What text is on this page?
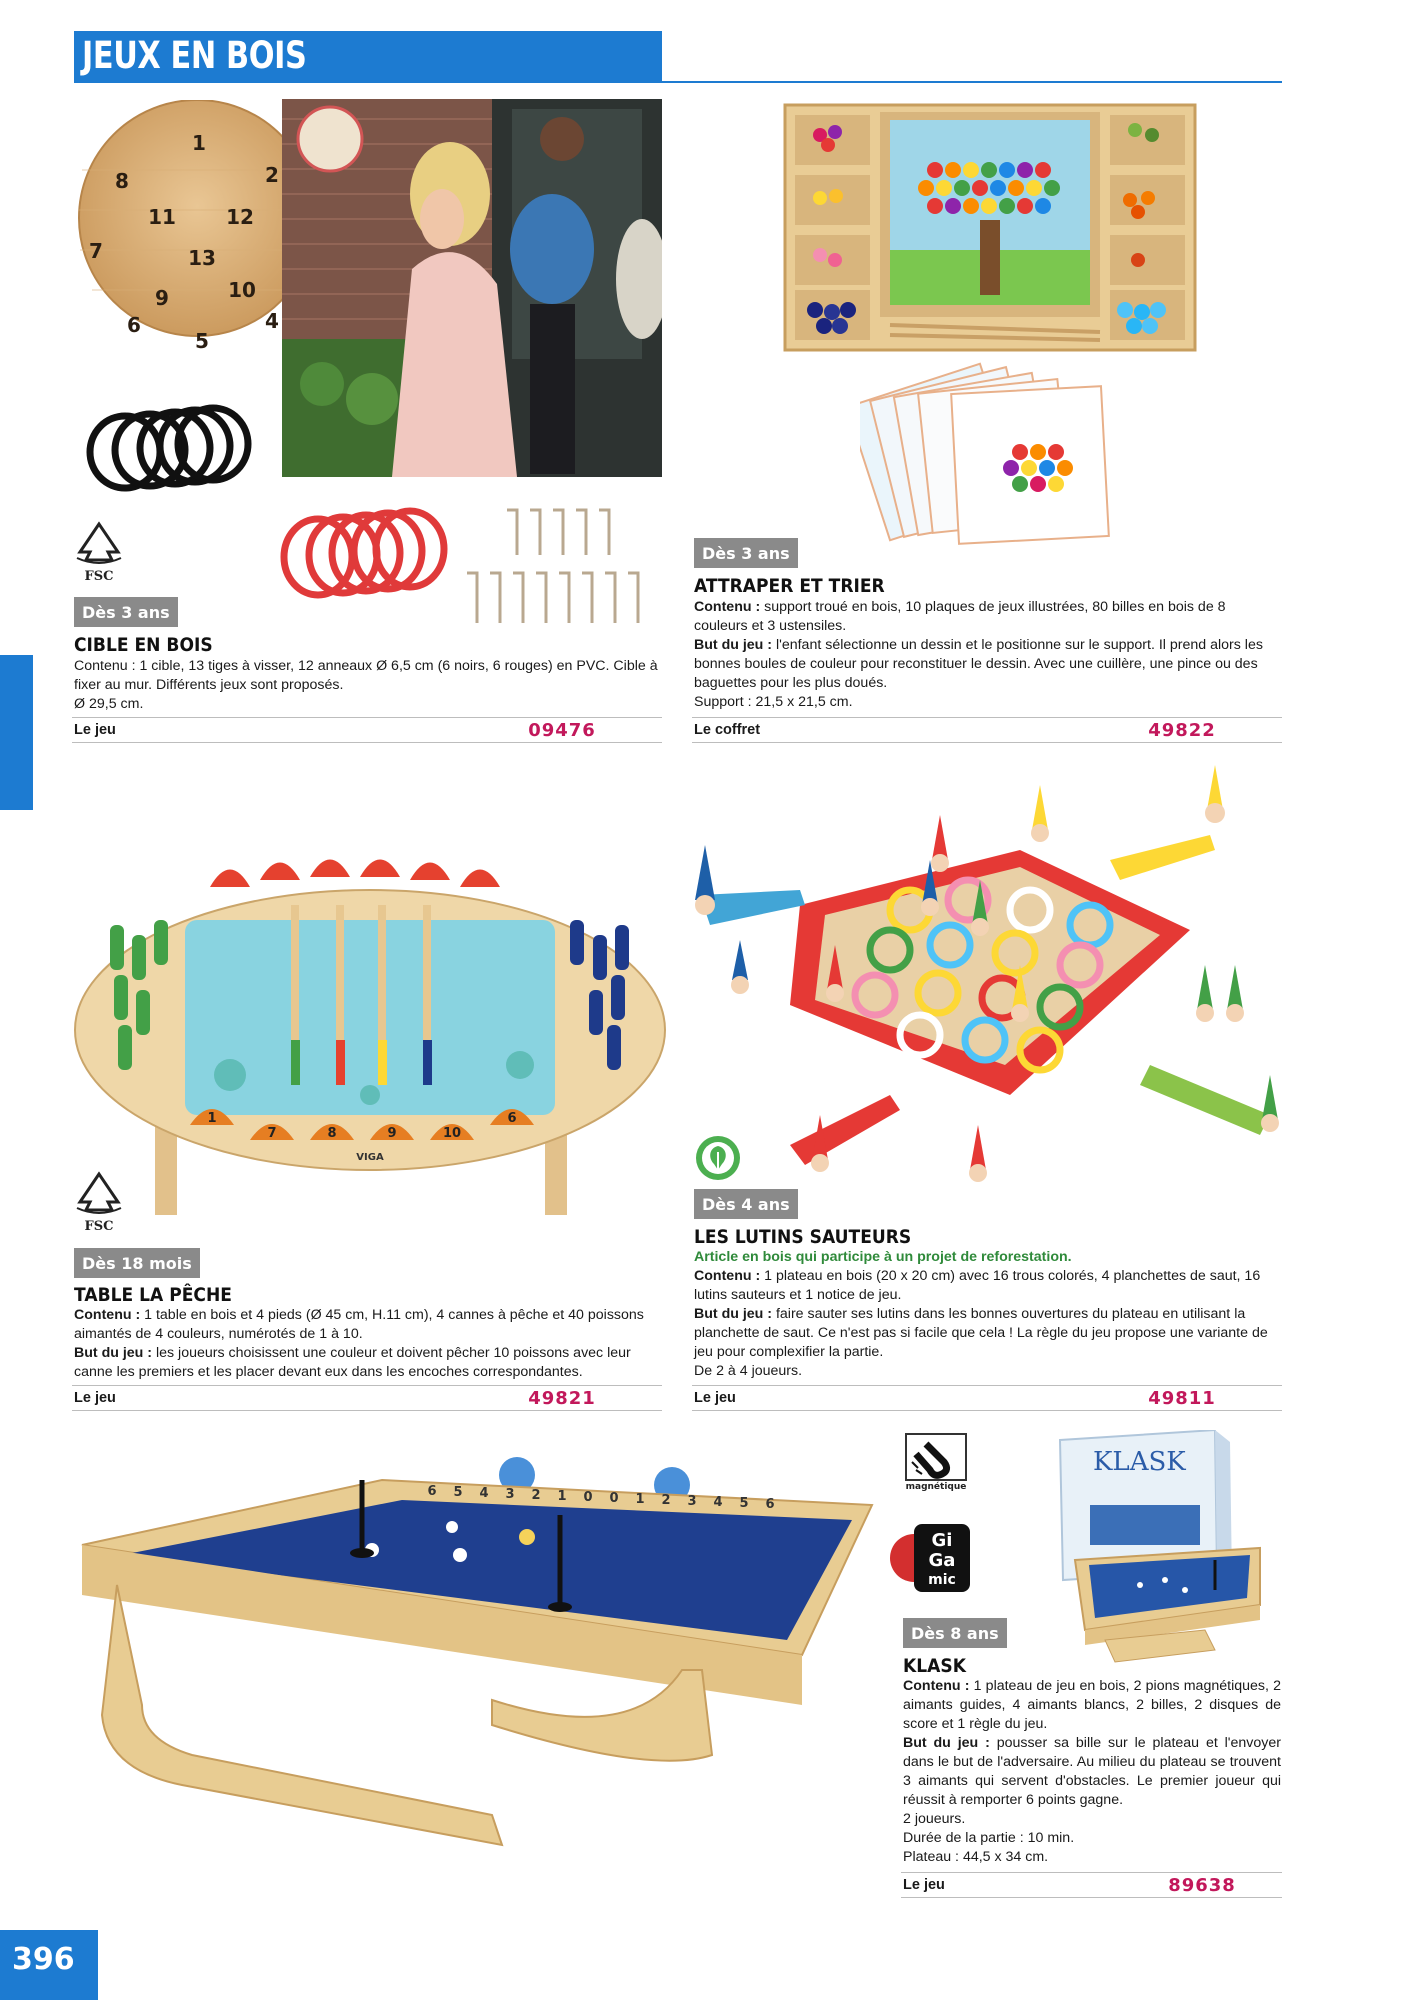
JEUX EN BOIS
1
2
4
5
6
7
8
9	10
11	12
13
FSC
Dès 3 ans
CIBLE EN BOIS
Contenu : 1 cible, 13 tiges à visser, 12 anneaux Ø 6,5 cm (6 noirs, 6 rouges) en PVC. Cible à fixer au mur. Différents jeux sont proposés.
Ø 29,5 cm.
Le jeu	09476
Dès 3 ans
ATTRAPER ET TRIER
Contenu : support troué en bois, 10 plaques de jeux illustrées, 80 billes en bois de 8 couleurs et 3 ustensiles.
But du jeu : l'enfant sélectionne un dessin et le positionne sur le support. Il prend alors les bonnes boules de couleur pour reconstituer le dessin. Avec une cuillère, une pince ou des baguettes pour les plus doués.
Support : 21,5 x 21,5 cm.
Le coffret	49822
1
7	8	9	10
6
VIGA
FSC
Dès 18 mois
TABLE LA PÊCHE
Contenu : 1 table en bois et 4 pieds (Ø 45 cm, H.11 cm), 4 cannes à pêche et 40 poissons aimantés de 4 couleurs, numérotés de 1 à 10.
But du jeu : les joueurs choisissent une couleur et doivent pêcher 10 poissons avec leur canne les premiers et les placer devant eux dans les encoches correspondantes.
Le jeu	49821
Dès 4 ans
LES LUTINS SAUTEURS
Article en bois qui participe à un projet de reforestation.
Contenu : 1 plateau en bois (20 x 20 cm) avec 16 trous colorés, 4 planchettes de saut, 16 lutins sauteurs et 1 notice de jeu.
But du jeu : faire sauter ses lutins dans les bonnes ouvertures du plateau en utilisant la planchette de saut. Ce n'est pas si facile que cela ! La règle du jeu propose une variante de jeu pour complexifier la partie.
De 2 à 4 joueurs.
Le jeu	49811
6 5 4 3 2 1 0 0 1 2 3 4 5 6
magnétique
Gi
Ga
mic
KLASK
Dès 8 ans
KLASK
Contenu : 1 plateau de jeu en bois, 2 pions magnétiques, 2 aimants guides, 4 aimants blancs, 2 billes, 2 disques de score et 1 règle du jeu.
But du jeu : pousser sa bille sur le plateau et l'envoyer dans le but de l'adversaire. Au milieu du plateau se trouvent 3 aimants qui servent d'obstacles. Le premier joueur qui réussit à remporter 6 points gagne.
2 joueurs.
Durée de la partie : 10 min.
Plateau : 44,5 x 34 cm.
Le jeu	89638
396
